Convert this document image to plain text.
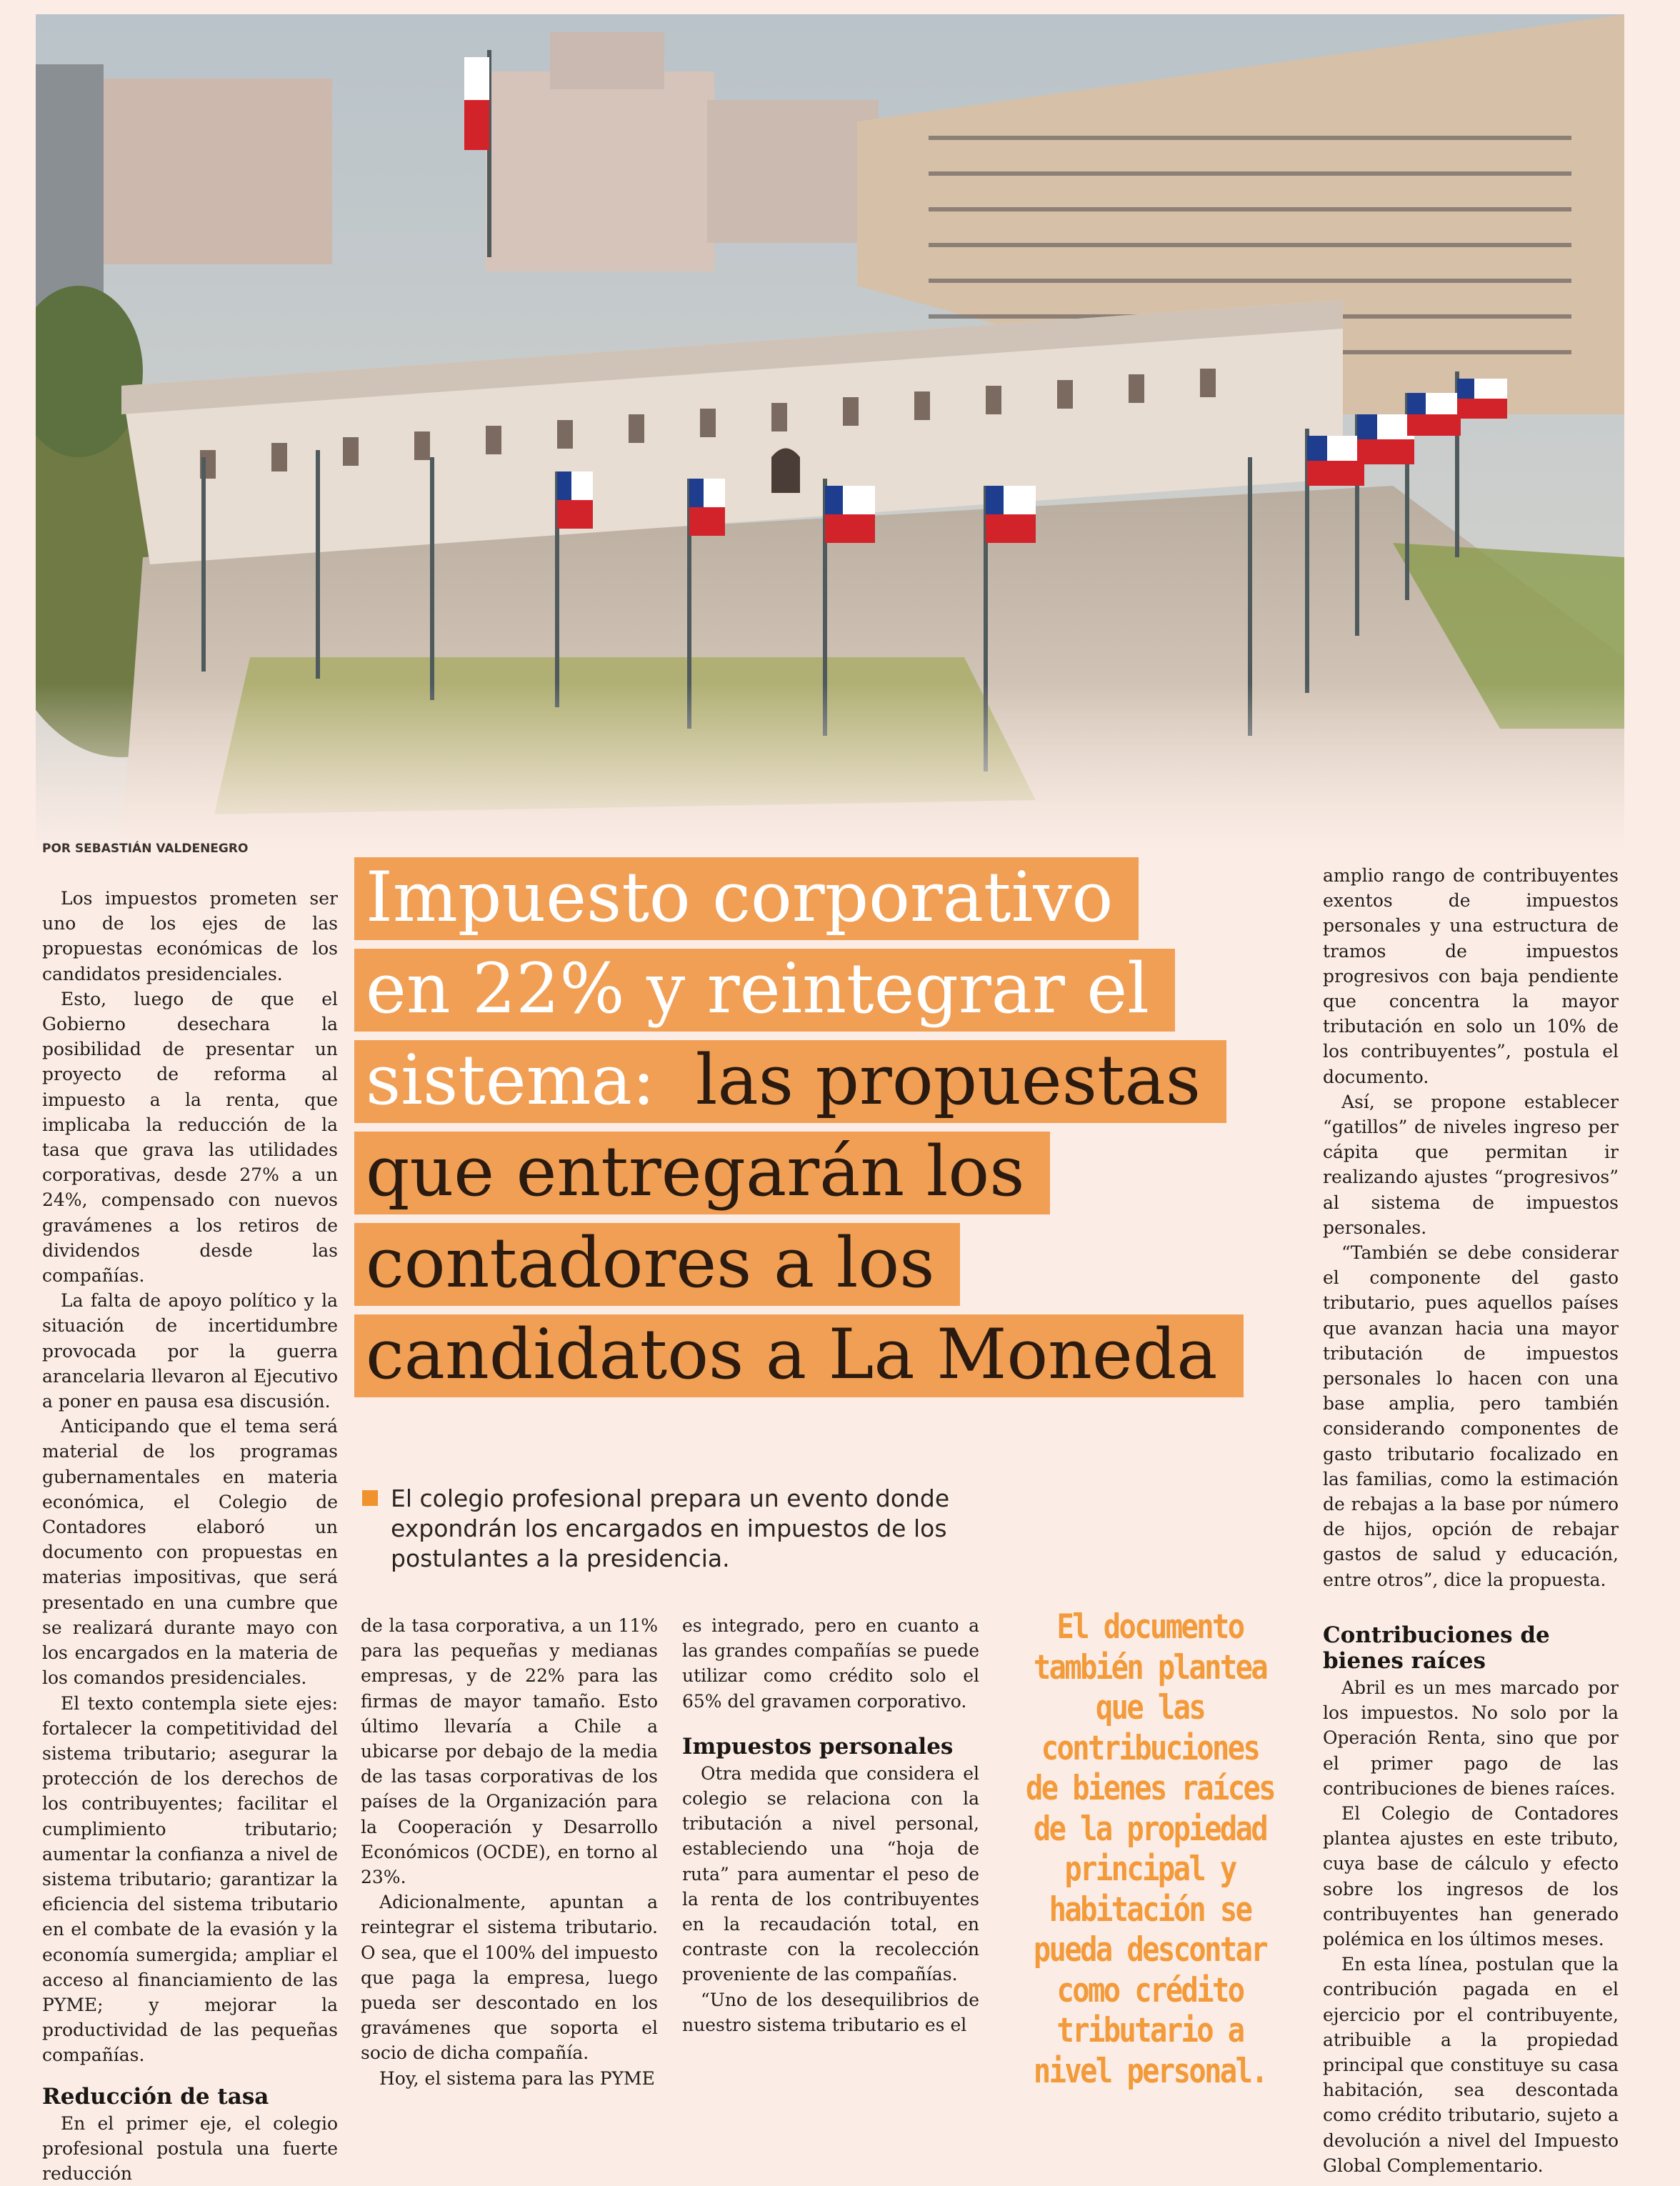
POR SEBASTIÁN VALDENEGRO
Impuesto corporativo
en 22% y reintegrar el
sistema: las propuestas
que entregarán los
contadores a los
candidatos a La Moneda
El colegio profesional prepara un evento donde expondrán los encargados en impuestos de los postulantes a la presidencia.

Los impuestos prometen ser uno de los ejes de las propuestas económicas de los candidatos presidenciales.

Esto, luego de que el Gobierno desechara la posibilidad de presentar un proyecto de reforma al impuesto a la renta, que implicaba la reducción de la tasa que grava las utilidades corporativas, desde 27% a un 24%, compensado con nuevos gravámenes a los retiros de dividendos desde las compañías.

La falta de apoyo político y la situación de incertidumbre provocada por la guerra arancelaria llevaron al Ejecutivo a poner en pausa esa discusión.

Anticipando que el tema será material de los programas gubernamentales en materia económica, el Colegio de Contadores elaboró un documento con propuestas en materias impositivas, que será presentado en una cumbre que se realizará durante mayo con los encargados en la materia de los comandos presidenciales.

El texto contempla siete ejes: fortalecer la competitividad del sistema tributario; asegurar la protección de los derechos de los contribuyentes; facilitar el cumplimiento tributario; aumentar la confianza a nivel de sistema tributario; garantizar la eficiencia del sistema tributario en el combate de la evasión y la economía sumergida; ampliar el acceso al financiamiento de las PYME; y mejorar la productividad de las pequeñas compañías.

Reducción de tasa

En el primer eje, el colegio profesional postula una fuerte reducción

de la tasa corporativa, a un 11% para las pequeñas y medianas empresas, y de 22% para las firmas de mayor tamaño. Esto último llevaría a Chile a ubicarse por debajo de la media de las tasas corporativas de los países de la Organización para la Cooperación y Desarrollo Económicos (OCDE), en torno al 23%.

Adicionalmente, apuntan a reintegrar el sistema tributario. O sea, que el 100% del impuesto que paga la empresa, luego pueda ser descontado en los gravámenes que soporta el socio de dicha compañía.

Hoy, el sistema para las PYME

es integrado, pero en cuanto a las grandes compañías se puede utilizar como crédito solo el 65% del gravamen corporativo.

Impuestos personales

Otra medida que considera el colegio se relaciona con la tributación a nivel personal, estableciendo una “hoja de ruta” para aumentar el peso de la renta de los contribuyentes en la recaudación total, en contraste con la recolección proveniente de las compañías.

“Uno de los desequilibrios de nuestro sistema tributario es el

El documento también plantea que las contribuciones de bienes raíces de la propiedad principal y habitación se pueda descontar como crédito tributario a nivel personal.

amplio rango de contribuyentes exentos de impuestos personales y una estructura de tramos de impuestos progresivos con baja pendiente que concentra la mayor tributación en solo un 10% de los contribuyentes”, postula el documento.

Así, se propone establecer “gatillos” de niveles ingreso per cápita que permitan ir realizando ajustes “progresivos” al sistema de impuestos personales.

“También se debe considerar el componente del gasto tributario, pues aquellos países que avanzan hacia una mayor tributación de impuestos personales lo hacen con una base amplia, pero también considerando componentes de gasto tributario focalizado en las familias, como la estimación de rebajas a la base por número de hijos, opción de rebajar gastos de salud y educación, entre otros”, dice la propuesta.

Contribuciones de bienes raíces

Abril es un mes marcado por los impuestos. No solo por la Operación Renta, sino que por el primer pago de las contribuciones de bienes raíces.

El Colegio de Contadores plantea ajustes en este tributo, cuya base de cálculo y efecto sobre los ingresos de los contribuyentes han generado polémica en los últimos meses.

En esta línea, postulan que la contribución pagada en el ejercicio por el contribuyente, atribuible a la propiedad principal que constituye su casa habitación, sea descontada como crédito tributario, sujeto a devolución a nivel del Impuesto Global Complementario.
